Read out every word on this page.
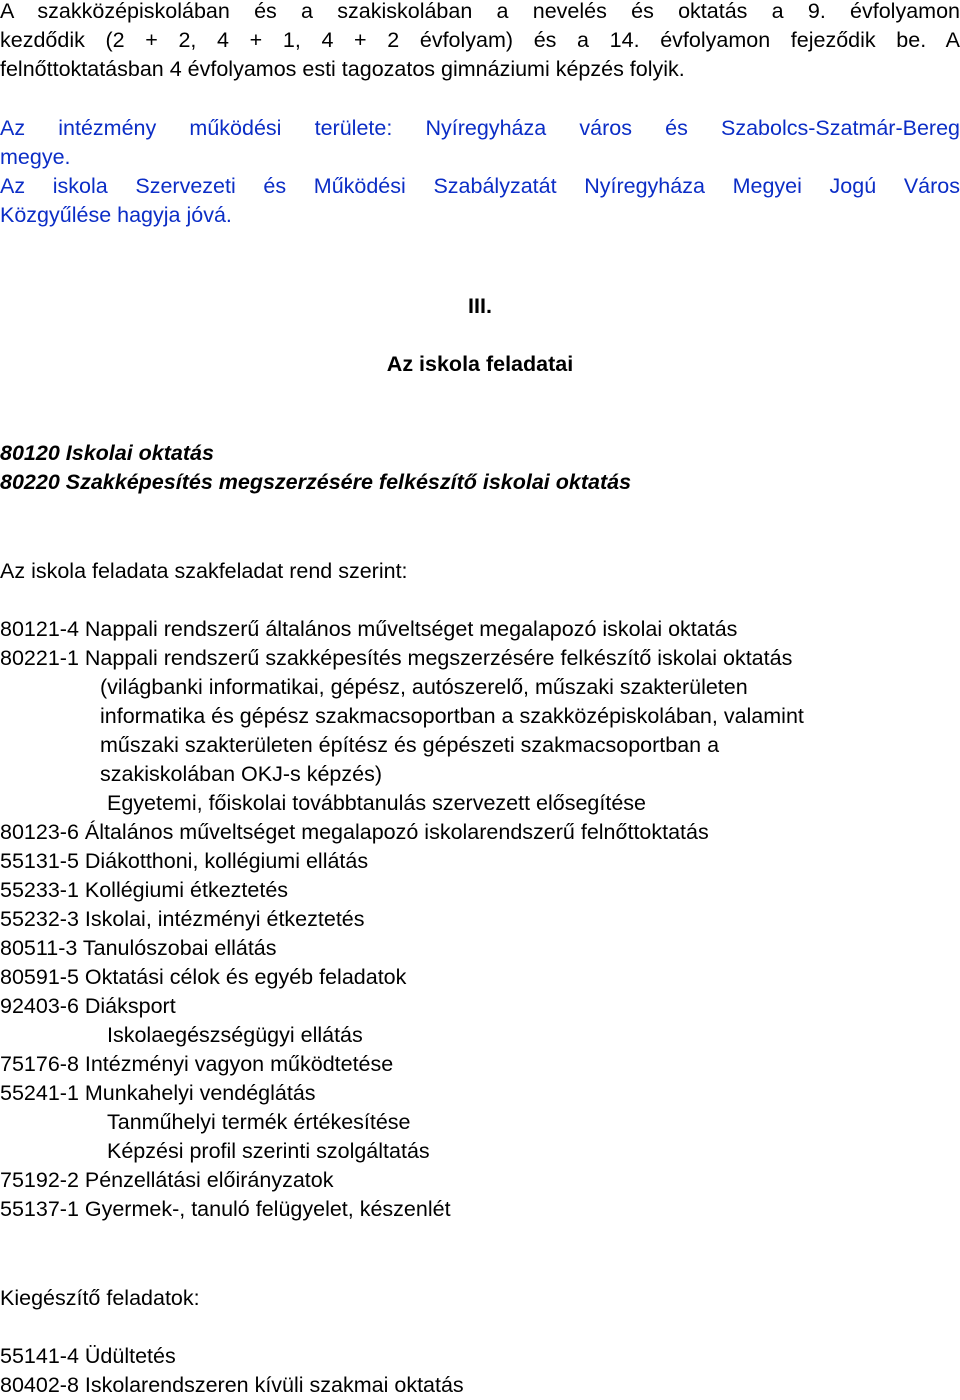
A szakközépiskolában és a szakiskolában a nevelés és oktatás a 9. évfolyamon
kezdődik (2 + 2, 4 + 1, 4 + 2 évfolyam) és a 14. évfolyamon fejeződik be. A
felnőttoktatásban 4 évfolyamos esti tagozatos gimnáziumi képzés folyik.
Az intézmény működési területe: Nyíregyháza város és Szabolcs-Szatmár-Bereg
megye.
Az iskola Szervezeti és Működési Szabályzatát Nyíregyháza Megyei Jogú Város
Közgyűlése hagyja jóvá.
III.
Az iskola feladatai
80120 Iskolai oktatás
80220 Szakképesítés megszerzésére felkészítő iskolai oktatás
Az iskola feladata szakfeladat rend szerint:
80121-4 Nappali rendszerű általános műveltséget megalapozó iskolai oktatás
80221-1 Nappali rendszerű szakképesítés megszerzésére felkészítő iskolai oktatás
(világbanki informatikai, gépész, autószerelő, műszaki szakterületen
informatika és gépész szakmacsoportban a szakközépiskolában, valamint
műszaki szakterületen építész és gépészeti szakmacsoportban a
szakiskolában OKJ-s képzés)
Egyetemi, főiskolai továbbtanulás szervezett elősegítése
80123-6 Általános műveltséget megalapozó iskolarendszerű felnőttoktatás
55131-5 Diákotthoni, kollégiumi ellátás
55233-1 Kollégiumi étkeztetés
55232-3 Iskolai, intézményi étkeztetés
80511-3 Tanulószobai ellátás
80591-5 Oktatási célok és egyéb feladatok
92403-6 Diáksport
Iskolaegészségügyi ellátás
75176-8 Intézményi vagyon működtetése
55241-1 Munkahelyi vendéglátás
Tanműhelyi termék értékesítése
Képzési profil szerinti szolgáltatás
75192-2 Pénzellátási előirányzatok
55137-1 Gyermek-, tanuló felügyelet, készenlét
Kiegészítő feladatok:
55141-4 Üdültetés
80402-8 Iskolarendszeren kívüli szakmai oktatás
